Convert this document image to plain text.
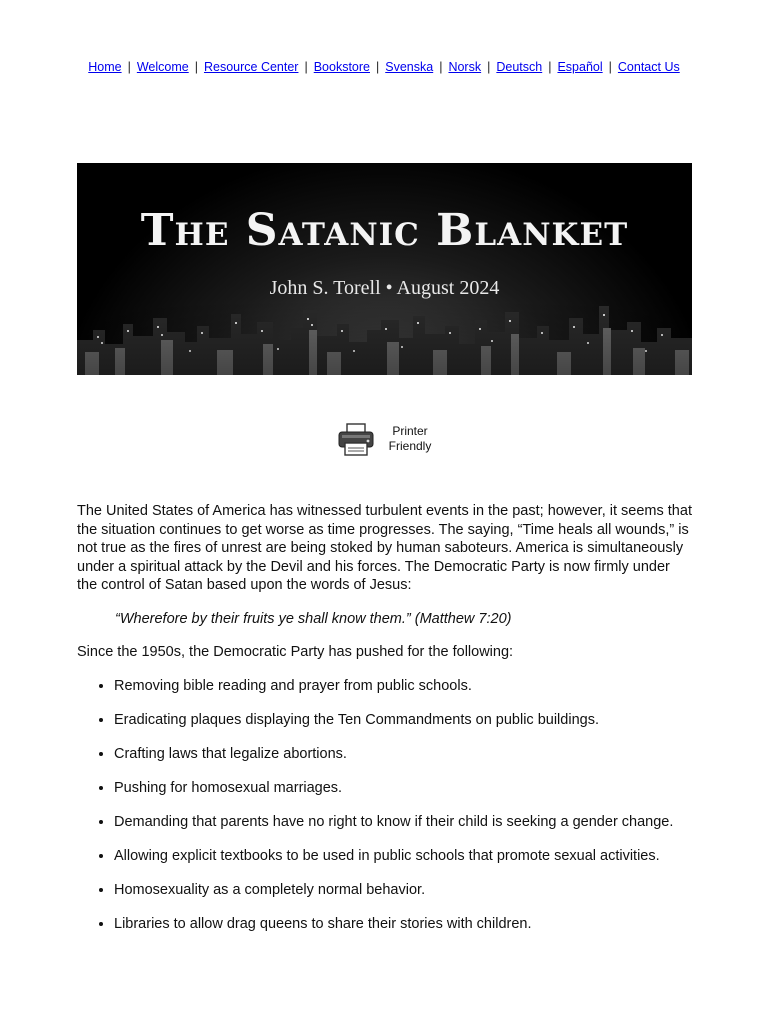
Home | Welcome | Resource Center | Bookstore | Svenska | Norsk | Deutsch | Español | Contact Us
The Satanic Blanket
John S. Torell • August 2024
Printer
Friendly

The United States of America has witnessed turbulent events in the past; however, it seems that the situation continues to get worse as time progresses. The saying, “Time heals all wounds,” is not true as the fires of unrest are being stoked by human saboteurs. America is simultaneously under a spiritual attack by the Devil and his forces. The Democratic Party is now firmly under the control of Satan based upon the words of Jesus:

“Wherefore by their fruits ye shall know them.” (Matthew 7:20)

Since the 1950s, the Democratic Party has pushed for the following:

• Removing bible reading and prayer from public schools.
• Eradicating plaques displaying the Ten Commandments on public buildings.
• Crafting laws that legalize abortions.
• Pushing for homosexual marriages.
• Demanding that parents have no right to know if their child is seeking a gender change.
• Allowing explicit textbooks to be used in public schools that promote sexual activities.
• Homosexuality as a completely normal behavior.
• Libraries to allow drag queens to share their stories with children.
